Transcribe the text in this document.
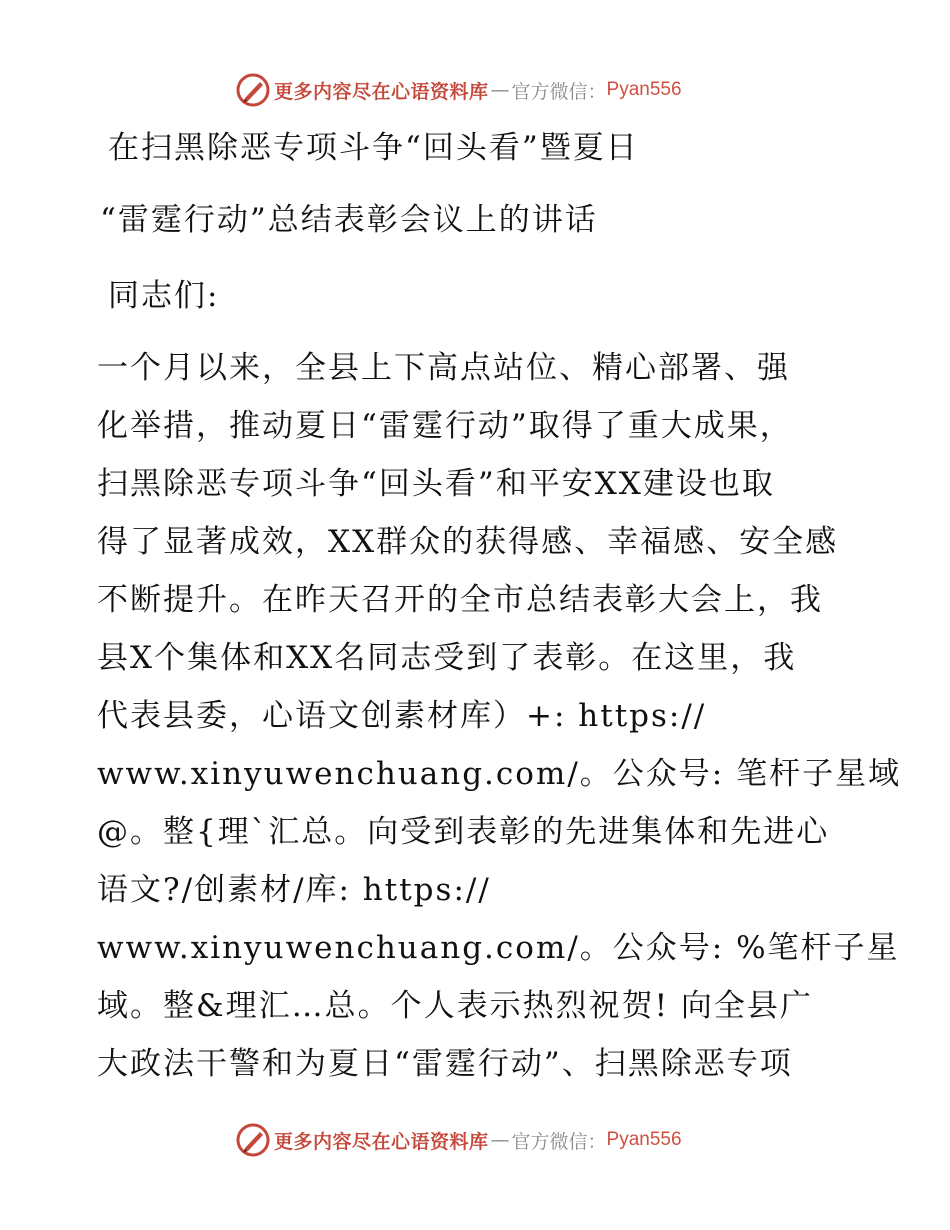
更多内容尽在心语资料库 — 官方微信： Pyan556
在扫黑除恶专项斗争“回头看”暨夏日
“雷霆行动”总结表彰会议上的讲话
同志们:
一个月以来，全县上下高点站位、精心部署、强
化举措，推动夏日“雷霆行动”取得了重大成果，
扫黑除恶专项斗争“回头看”和平安XX建设也取
得了显著成效，XX群众的获得感、幸福感、安全感
不断提升。在昨天召开的全市总结表彰大会上，我
县X个集体和XX名同志受到了表彰。在这里，我
代表县委，心语文创素材库）+: https://
www.xinyuwenchuang.com/。公众号: 笔杆子星域
@。整{理`汇总。向受到表彰的先进集体和先进心
语文?/创素材/库: https://
www.xinyuwenchuang.com/。公众号: %笔杆子星
域。整&理汇…总。个人表示热烈祝贺! 向全县广
大政法干警和为夏日“雷霆行动”、扫黑除恶专项
更多内容尽在心语资料库 — 官方微信： Pyan556
